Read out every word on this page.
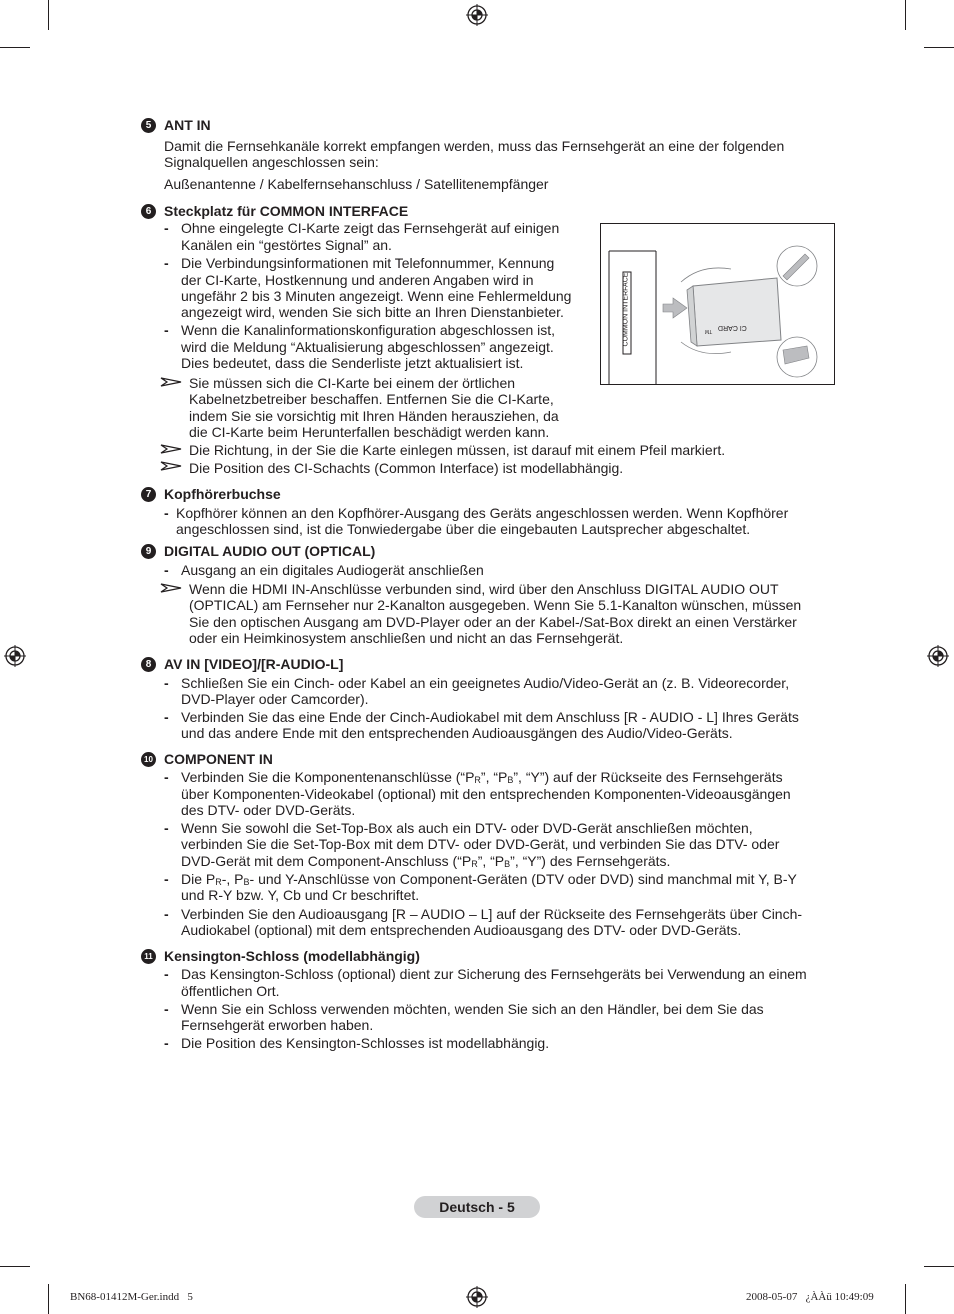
5 ANT IN
Damit die Fernsehkanäle korrekt empfangen werden, muss das Fernsehgerät an eine der folgenden
Signalquellen angeschlossen sein:
Außenantenne / Kabelfernsehanschluss / Satellitenempfänger
6 Steckplatz für COMMON INTERFACE
- Ohne eingelegte CI-Karte zeigt das Fernsehgerät auf einigen
Kanälen ein “gestörtes Signal” an.
- Die Verbindungsinformationen mit Telefonnummer, Kennung
der CI-Karte, Hostkennung und anderen Angaben wird in
ungefähr 2 bis 3 Minuten angezeigt. Wenn eine Fehlermeldung
angezeigt wird, wenden Sie sich bitte an Ihren Dienstanbieter.
- Wenn die Kanalinformationskonfiguration abgeschlossen ist,
wird die Meldung “Aktualisierung abgeschlossen” angezeigt.
Dies bedeutet, dass die Senderliste jetzt aktualisiert ist.
Sie müssen sich die CI-Karte bei einem der örtlichen
Kabelnetzbetreiber beschaffen. Entfernen Sie die CI-Karte,
indem Sie sie vorsichtig mit Ihren Händen herausziehen, da
die CI-Karte beim Herunterfallen beschädigt werden kann.
Die Richtung, in der Sie die Karte einlegen müssen, ist darauf mit einem Pfeil markiert.
Die Position des CI-Schachts (Common Interface) ist modellabhängig.
COMMON INTERFACE	CI CARD
TM
7 Kopfhörerbuchse
- Kopfhörer können an den Kopfhörer-Ausgang des Geräts angeschlossen werden. Wenn Kopfhörer
angeschlossen sind, ist die Tonwiedergabe über die eingebauten Lautsprecher abgeschaltet.
9 DIGITAL AUDIO OUT (OPTICAL)
- Ausgang an ein digitales Audiogerät anschließen
Wenn die HDMI IN-Anschlüsse verbunden sind, wird über den Anschluss DIGITAL AUDIO OUT
(OPTICAL) am Fernseher nur 2-Kanalton ausgegeben. Wenn Sie 5.1-Kanalton wünschen, müssen
Sie den optischen Ausgang am DVD-Player oder an der Kabel-/Sat-Box direkt an einen Verstärker
oder ein Heimkinosystem anschließen und nicht an das Fernsehgerät.
8 AV IN [VIDEO]/[R-AUDIO-L]
- Schließen Sie ein Cinch- oder Kabel an ein geeignetes Audio/Video-Gerät an (z. B. Videorecorder,
DVD-Player oder Camcorder).
- Verbinden Sie das eine Ende der Cinch-Audiokabel mit dem Anschluss [R - AUDIO - L] Ihres Geräts
und das andere Ende mit den entsprechenden Audioausgängen des Audio/Video-Geräts.
10 COMPONENT IN
- Verbinden Sie die Komponentenanschlüsse (“PR”, “PB”, “Y”) auf der Rückseite des Fernsehgeräts
über Komponenten-Videokabel (optional) mit den entsprechenden Komponenten-Videoausgängen
des DTV- oder DVD-Geräts.
- Wenn Sie sowohl die Set-Top-Box als auch ein DTV- oder DVD-Gerät anschließen möchten,
verbinden Sie die Set-Top-Box mit dem DTV- oder DVD-Gerät, und verbinden Sie das DTV- oder
DVD-Gerät mit dem Component-Anschluss (“PR”, “PB”, “Y”) des Fernsehgeräts.
- Die PR-, PB- und Y-Anschlüsse von Component-Geräten (DTV oder DVD) sind manchmal mit Y, B-Y
und R-Y bzw. Y, Cb und Cr beschriftet.
- Verbinden Sie den Audioausgang [R – AUDIO – L] auf der Rückseite des Fernsehgeräts über Cinch-
Audiokabel (optional) mit dem entsprechenden Audioausgang des DTV- oder DVD-Geräts.
11 Kensington-Schloss (modellabhängig)
- Das Kensington-Schloss (optional) dient zur Sicherung des Fernsehgeräts bei Verwendung an einem
öffentlichen Ort.
- Wenn Sie ein Schloss verwenden möchten, wenden Sie sich an den Händler, bei dem Sie das
Fernsehgerät erworben haben.
- Die Position des Kensington-Schlosses ist modellabhängig.
Deutsch - 5
BN68-01412M-Ger.indd   5	2008-05-07   ¿ÀÀü 10:49:09
